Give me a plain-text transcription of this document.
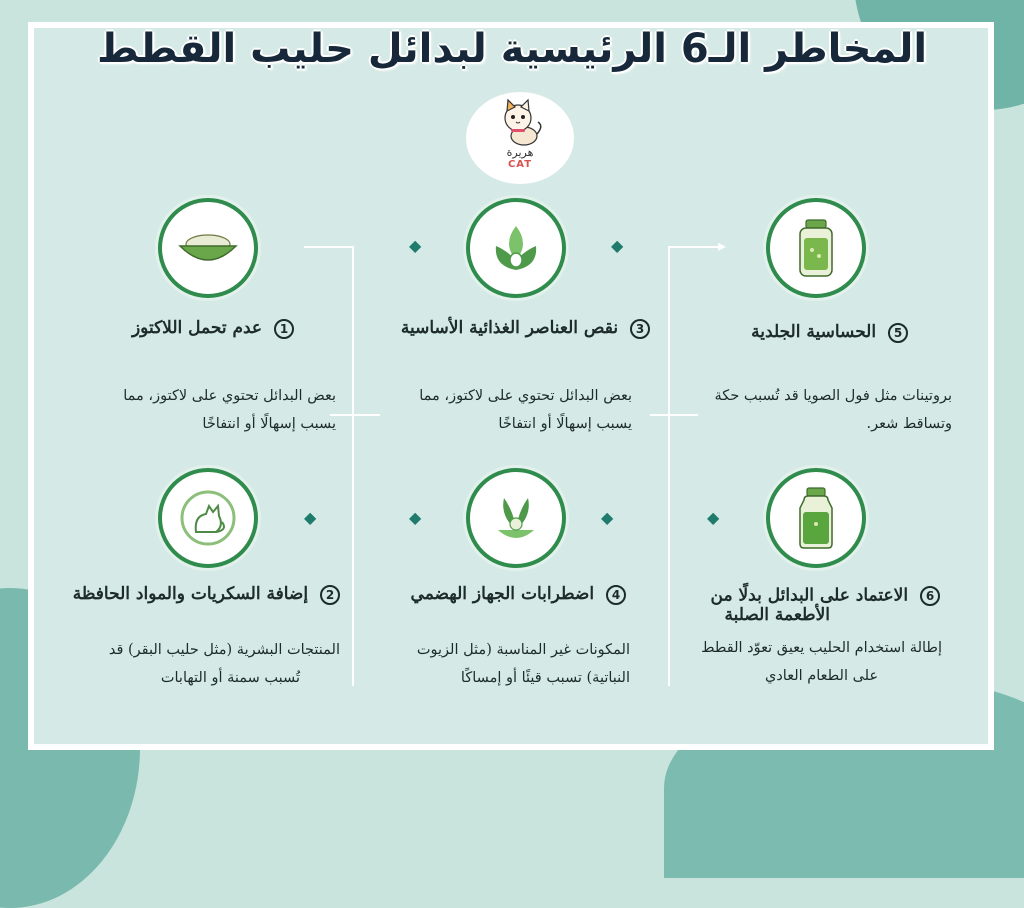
المخاطر الـ6 الرئيسية لبدائل حليب القطط
هريرة
CAT
▸
◆	◆
◆	◆	◆	◆
1 عدم تحمل اللاكتوز
بعض البدائل تحتوي على لاكتوز، مما
يسبب إسهالًا أو انتفاخًا
2 إضافة السكريات والمواد الحافظة
المنتجات البشرية (مثل حليب البقر) قد
تُسبب سمنة أو التهابات
3 نقص العناصر الغذائية الأساسية
بعض البدائل تحتوي على لاكتوز، مما
يسبب إسهالًا أو انتفاخًا
4 اضطرابات الجهاز الهضمي
المكونات غير المناسبة (مثل الزيوت
النباتية) تسبب قيئًا أو إمساكًا
5 الحساسية الجلدية
بروتينات مثل فول الصويا قد تُسبب حكة
وتساقط شعر.
6 الاعتماد على البدائل بدلًا من
الأطعمة الصلبة
إطالة استخدام الحليب يعيق تعوّد القطط
على الطعام العادي
